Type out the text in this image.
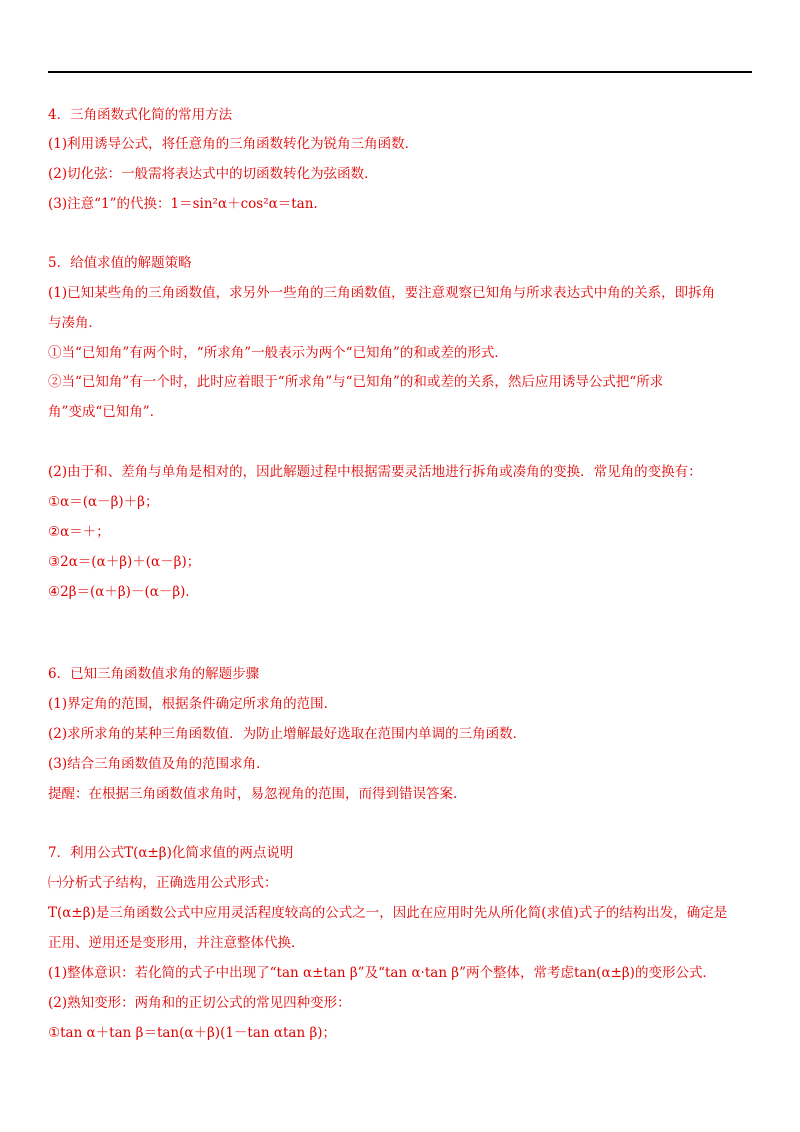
4．三角函数式化简的常用方法
(1)利用诱导公式，将任意角的三角函数转化为锐角三角函数．
(2)切化弦：一般需将表达式中的切函数转化为弦函数．
(3)注意“1”的代换：1＝sin²α＋cos²α＝tan.
5．给值求值的解题策略
(1)已知某些角的三角函数值，求另外一些角的三角函数值，要注意观察已知角与所求表达式中角的关系，即拆角
与凑角．
①当“已知角”有两个时，“所求角”一般表示为两个“已知角”的和或差的形式．
②当“已知角”有一个时，此时应着眼于“所求角”与“已知角”的和或差的关系，然后应用诱导公式把“所求
角”变成“已知角”．
(2)由于和、差角与单角是相对的，因此解题过程中根据需要灵活地进行拆角或凑角的变换．常见角的变换有：
①α＝(α－β)＋β；
②α＝＋；
③2α＝(α＋β)＋(α－β)；
④2β＝(α＋β)－(α－β)．
6．已知三角函数值求角的解题步骤
(1)界定角的范围，根据条件确定所求角的范围．
(2)求所求角的某种三角函数值．为防止增解最好选取在范围内单调的三角函数．
(3)结合三角函数值及角的范围求角．
提醒：在根据三角函数值求角时，易忽视角的范围，而得到错误答案.
7．利用公式T(α±β)化简求值的两点说明
㈠分析式子结构，正确选用公式形式：
T(α±β)是三角函数公式中应用灵活程度较高的公式之一，因此在应用时先从所化简(求值)式子的结构出发，确定是
正用、逆用还是变形用，并注意整体代换．
(1)整体意识：若化简的式子中出现了“tan α±tan β”及“tan α·tan β”两个整体，常考虑tan(α±β)的变形公式．
(2)熟知变形：两角和的正切公式的常见四种变形：
①tan α＋tan β＝tan(α＋β)(1－tan αtan β)；
